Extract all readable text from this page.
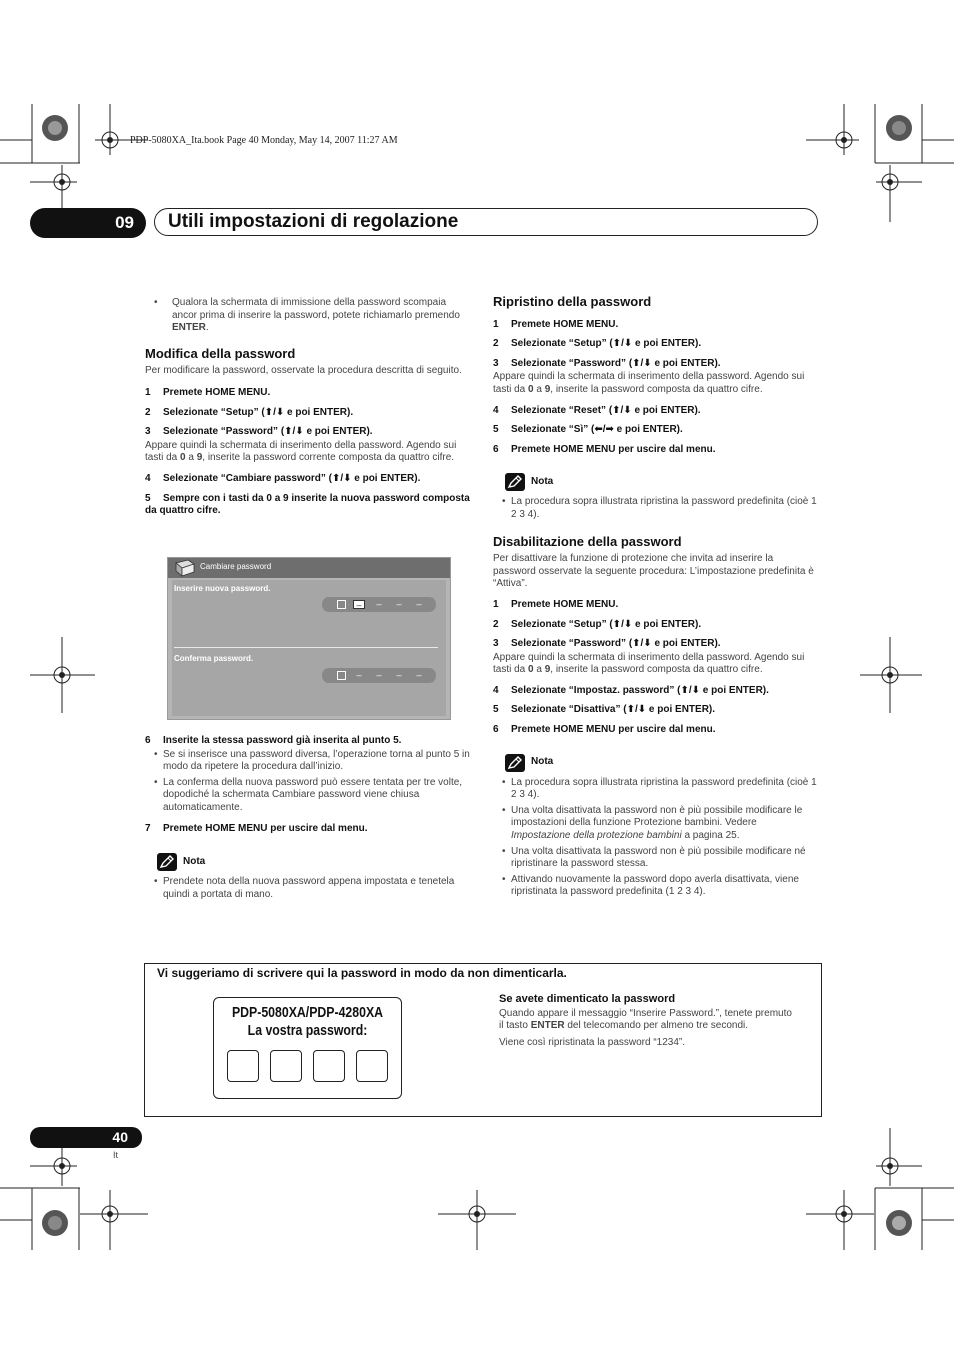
PDP-5080XA_Ita.book Page 40 Monday, May 14, 2007 11:27 AM
09	Utili impostazioni di regolazione
• Qualora la schermata di immissione della password scompaia ancor prima di inserire la password, potete richiamarlo premendo ENTER.
Modifica della password

Per modificare la password, osservate la procedura descritta di seguito.

1 Premete HOME MENU.
2 Selezionate “Setup” (⬆/⬇ e poi ENTER).
3 Selezionate “Password” (⬆/⬇ e poi ENTER).

Appare quindi la schermata di inserimento della password. Agendo sui tasti da 0 a 9, inserite la password corrente composta da quattro cifre.

4 Selezionate “Cambiare password” (⬆/⬇ e poi ENTER).
5 Sempre con i tasti da 0 a 9 inserite la nuova password composta da quattro cifre.
Cambiare password
Inserire nuova password.
–	–	–	–
Conferma password.
–	–	–	–
6 Inserite la stessa password già inserita al punto 5.
• Se si inserisce una password diversa, l’operazione torna al punto 5 in modo da ripetere la procedura dall’inizio.
• La conferma della nuova password può essere tentata per tre volte, dopodiché la schermata Cambiare password viene chiusa automaticamente.
7 Premete HOME MENU per uscire dal menu.
Nota
• Prendete nota della nuova password appena impostata e tenetela quindi a portata di mano.
Ripristino della password
1 Premete HOME MENU.
2 Selezionate “Setup” (⬆/⬇ e poi ENTER).
3 Selezionate “Password” (⬆/⬇ e poi ENTER).

Appare quindi la schermata di inserimento della password. Agendo sui tasti da 0 a 9, inserite la password composta da quattro cifre.

4 Selezionate “Reset” (⬆/⬇ e poi ENTER).
5 Selezionate “Sì” (⬅/➡ e poi ENTER).
6 Premete HOME MENU per uscire dal menu.
Nota
• La procedura sopra illustrata ripristina la password predefinita (cioè 1 2 3 4).
Disabilitazione della password

Per disattivare la funzione di protezione che invita ad inserire la password osservate la seguente procedura: L’impostazione predefinita è “Attiva”.

1 Premete HOME MENU.
2 Selezionate “Setup” (⬆/⬇ e poi ENTER).
3 Selezionate “Password” (⬆/⬇ e poi ENTER).

Appare quindi la schermata di inserimento della password. Agendo sui tasti da 0 a 9, inserite la password composta da quattro cifre.

4 Selezionate “Impostaz. password” (⬆/⬇ e poi ENTER).
5 Selezionate “Disattiva” (⬆/⬇ e poi ENTER).
6 Premete HOME MENU per uscire dal menu.
Nota
• La procedura sopra illustrata ripristina la password predefinita (cioè 1 2 3 4).
• Una volta disattivata la password non è più possibile modificare le impostazioni della funzione Protezione bambini. Vedere Impostazione della protezione bambini a pagina 25.
• Una volta disattivata la password non è più possibile modificare né ripristinare la password stessa.
• Attivando nuovamente la password dopo averla disattivata, viene ripristinata la password predefinita (1 2 3 4).
Vi suggeriamo di scrivere qui la password in modo da non dimenticarla.
PDP-5080XA/PDP-4280XA
La vostra password:
Se avete dimenticato la password

Quando appare il messaggio “Inserire Password.”, tenete premuto il tasto ENTER del telecomando per almeno tre secondi.

Viene così ripristinata la password “1234”.

40
It
